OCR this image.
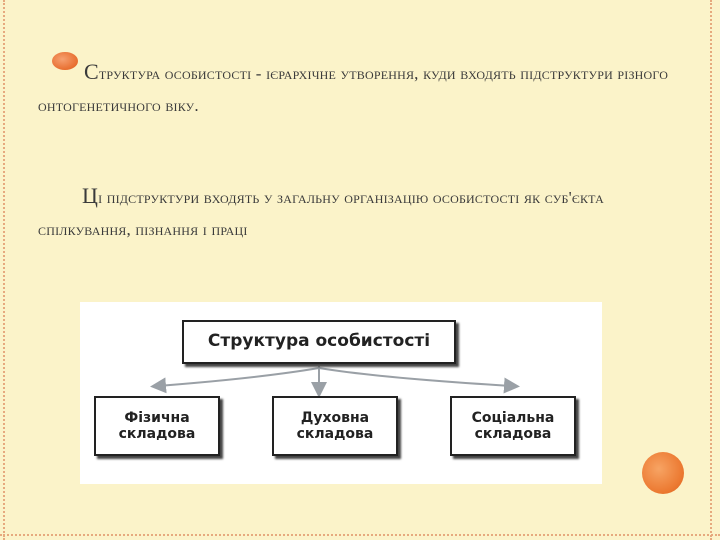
Структура особистості - ієрархічне утворення, куди входять підструктури різного онтогенетичного віку.
Ці підструктури входять у загальну організацію особистості як суб'єкта спілкування, пізнання і праці
Структура особистості
Фізична
складова
Духовна
складова
Соціальна
складова
